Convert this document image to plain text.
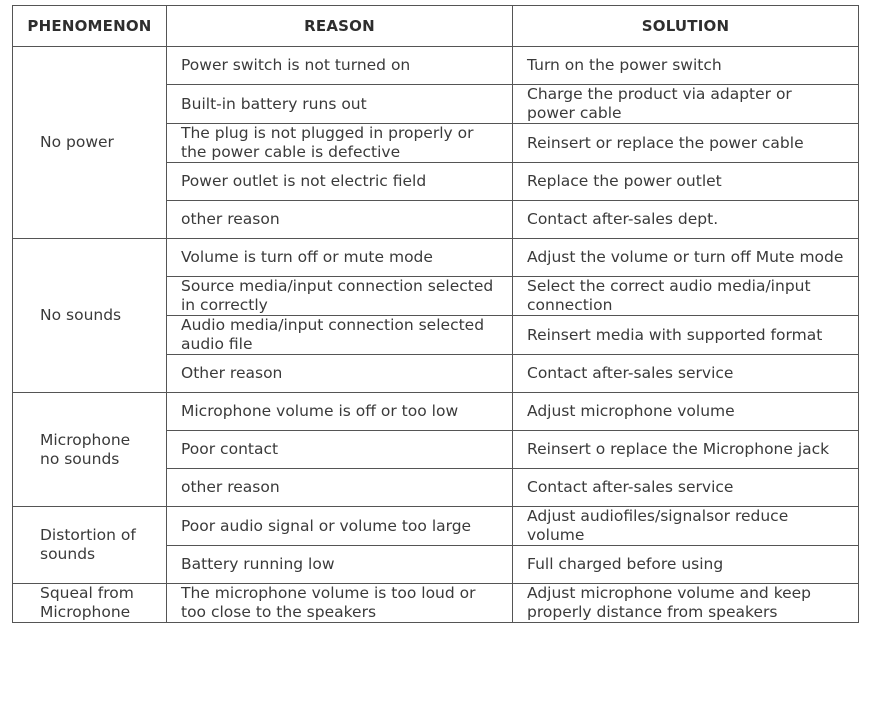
PHENOMENON	REASON	SOLUTION
No power	Power switch is not turned on	Turn on the power switch
	Built-in battery runs out	Charge the product via adapter or power cable
	The plug is not plugged in properly or the power cable is defective	Reinsert or replace the power cable
	Power outlet is not electric field	Replace the power outlet
	other reason	Contact after-sales dept.
No sounds	Volume is turn off or mute mode	Adjust the volume or turn off Mute mode
	Source media/input connection selected in correctly	Select the correct audio media/input connection
	Audio media/input connection selected audio file	Reinsert media with supported format
	Other reason	Contact after-sales service
Microphone no sounds	Microphone volume is off or too low	Adjust microphone volume
	Poor contact	Reinsert o replace the Microphone jack
	other reason	Contact after-sales service
Distortion of sounds	Poor audio signal or volume too large	Adjust audiofiles/signalsor reduce volume
	Battery running low	Full charged before using
Squeal from Microphone	The microphone volume is too loud or too close to the speakers	Adjust microphone volume and keep properly distance from speakers
